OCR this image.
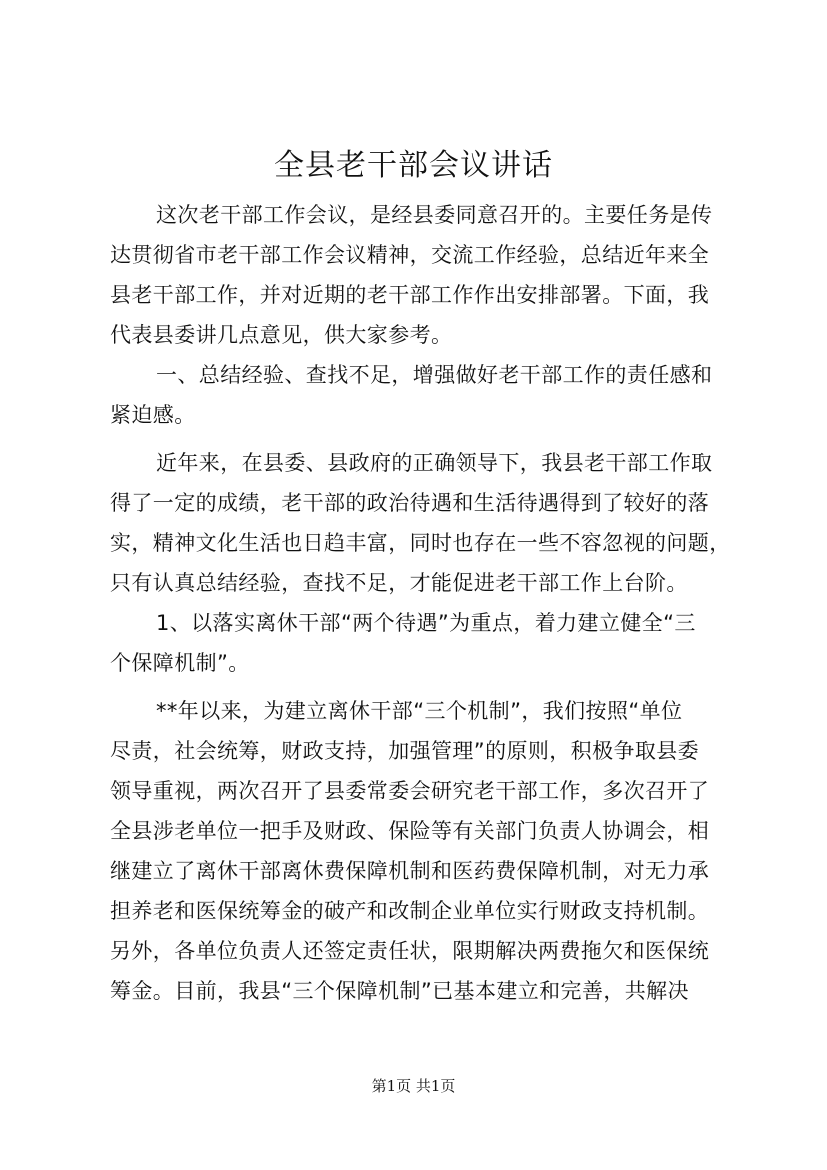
全县老干部会议讲话
这次老干部工作会议，是经县委同意召开的。主要任务是传
达贯彻省市老干部工作会议精神，交流工作经验，总结近年来全
县老干部工作，并对近期的老干部工作作出安排部署。下面，我
代表县委讲几点意见，供大家参考。
一、总结经验、查找不足，增强做好老干部工作的责任感和
紧迫感。
近年来，在县委、县政府的正确领导下，我县老干部工作取
得了一定的成绩，老干部的政治待遇和生活待遇得到了较好的落
实，精神文化生活也日趋丰富，同时也存在一些不容忽视的问题，
只有认真总结经验，查找不足，才能促进老干部工作上台阶。
1、以落实离休干部“两个待遇”为重点，着力建立健全“三
个保障机制”。
**年以来，为建立离休干部“三个机制”，我们按照“单位
尽责，社会统筹，财政支持，加强管理”的原则，积极争取县委
领导重视，两次召开了县委常委会研究老干部工作，多次召开了
全县涉老单位一把手及财政、保险等有关部门负责人协调会，相
继建立了离休干部离休费保障机制和医药费保障机制，对无力承
担养老和医保统筹金的破产和改制企业单位实行财政支持机制。
另外，各单位负责人还签定责任状，限期解决两费拖欠和医保统
筹金。目前，我县“三个保障机制”已基本建立和完善，共解决
第1页 共1页
